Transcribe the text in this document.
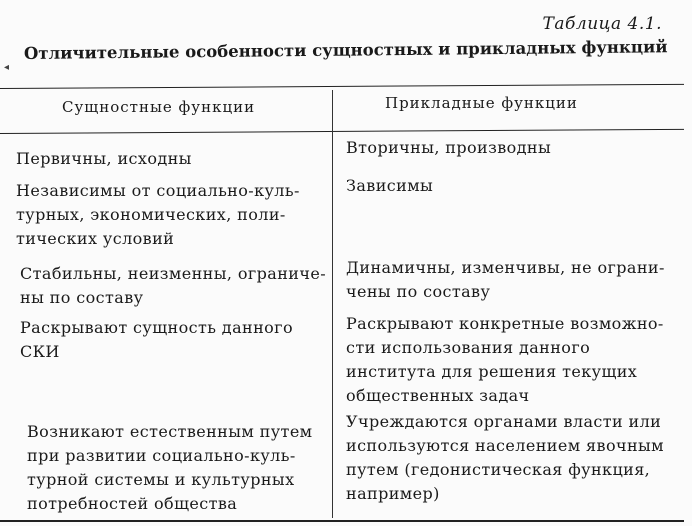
Таблица 4.1.
◂
Отличительные особенности сущностных и прикладных функций
Сущностные функции	Прикладные функции
Первичны, исходны
Вторичны, производны
Независимы от социально-куль-
турных, экономических, поли-
тических условий
Зависимы
Стабильны, неизменны, ограниче-
ны по составу
Динамичны, изменчивы, не ограни-
чены по составу
Раскрывают сущность данного
СКИ
Раскрывают конкретные возможно-
сти использования данного
института для решения текущих
общественных задач
Возникают естественным путем
при развитии социально-куль-
турной системы и культурных
потребностей общества
Учреждаются органами власти или
используются населением явочным
путем (гедонистическая функция,
например)
